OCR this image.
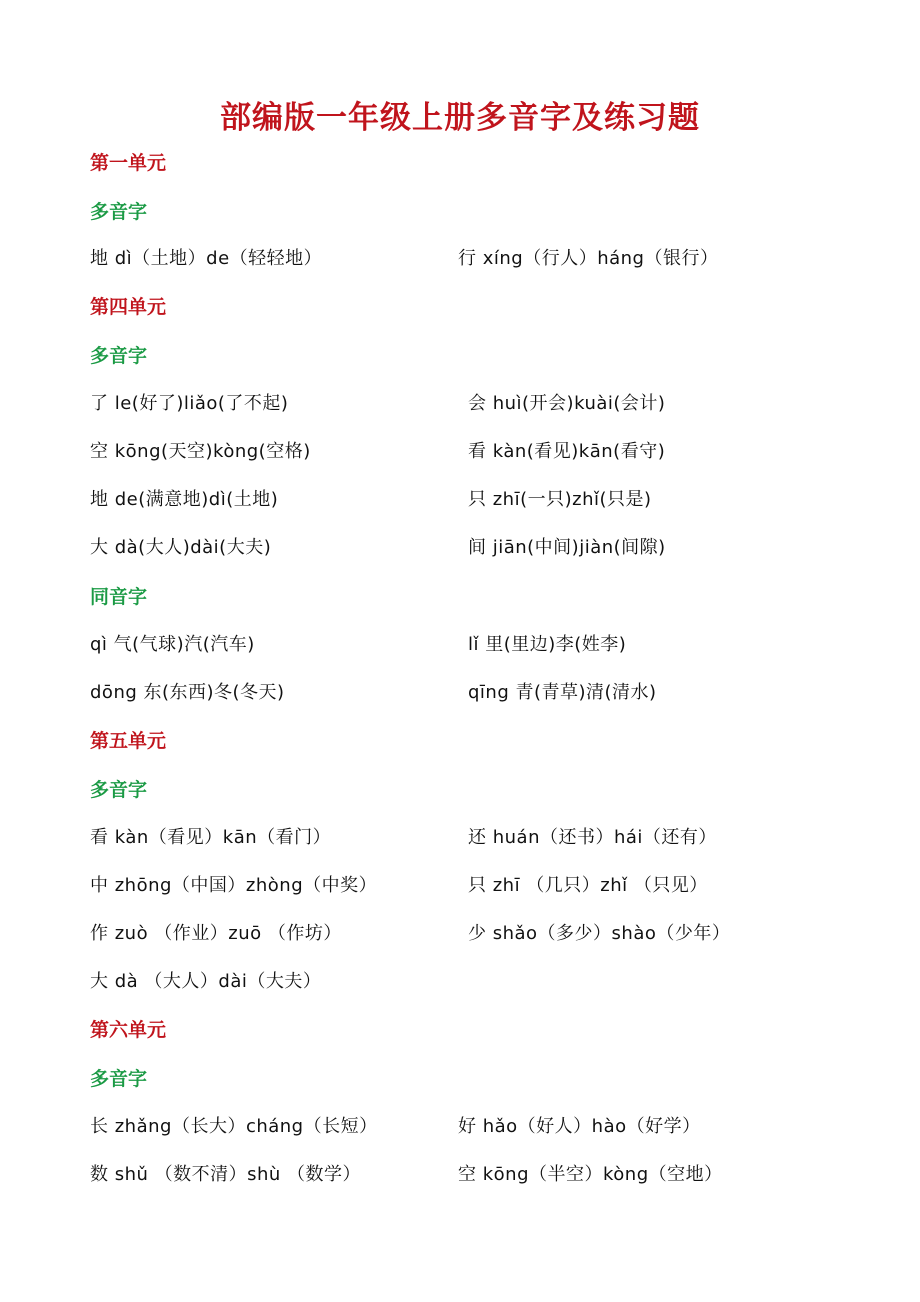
部编版一年级上册多音字及练习题
第一单元
多音字
地 dì（土地）de（轻轻地）	行 xíng（行人）háng（银行）
第四单元
多音字
了 le(好了)liǎo(了不起)	会 huì(开会)kuài(会计)
空 kōng(天空)kòng(空格)	看 kàn(看见)kān(看守)
地 de(满意地)dì(土地)	只 zhī(一只)zhǐ(只是)
大 dà(大人)dài(大夫)	间 jiān(中间)jiàn(间隙)
同音字
qì 气(气球)汽(汽车)	lǐ 里(里边)李(姓李)
dōng 东(东西)冬(冬天)	qīng 青(青草)清(清水)
第五单元
多音字
看 kàn（看见）kān（看门）	还 huán（还书）hái（还有）
中 zhōng（中国）zhòng（中奖）	只 zhī （几只）zhǐ （只见）
作 zuò （作业）zuō （作坊）	少 shǎo（多少）shào（少年）
大 dà （大人）dài（大夫）
第六单元
多音字
长 zhǎng（长大）cháng（长短）	好 hǎo（好人）hào（好学）
数 shǔ （数不清）shù （数学）	空 kōng（半空）kòng（空地）
